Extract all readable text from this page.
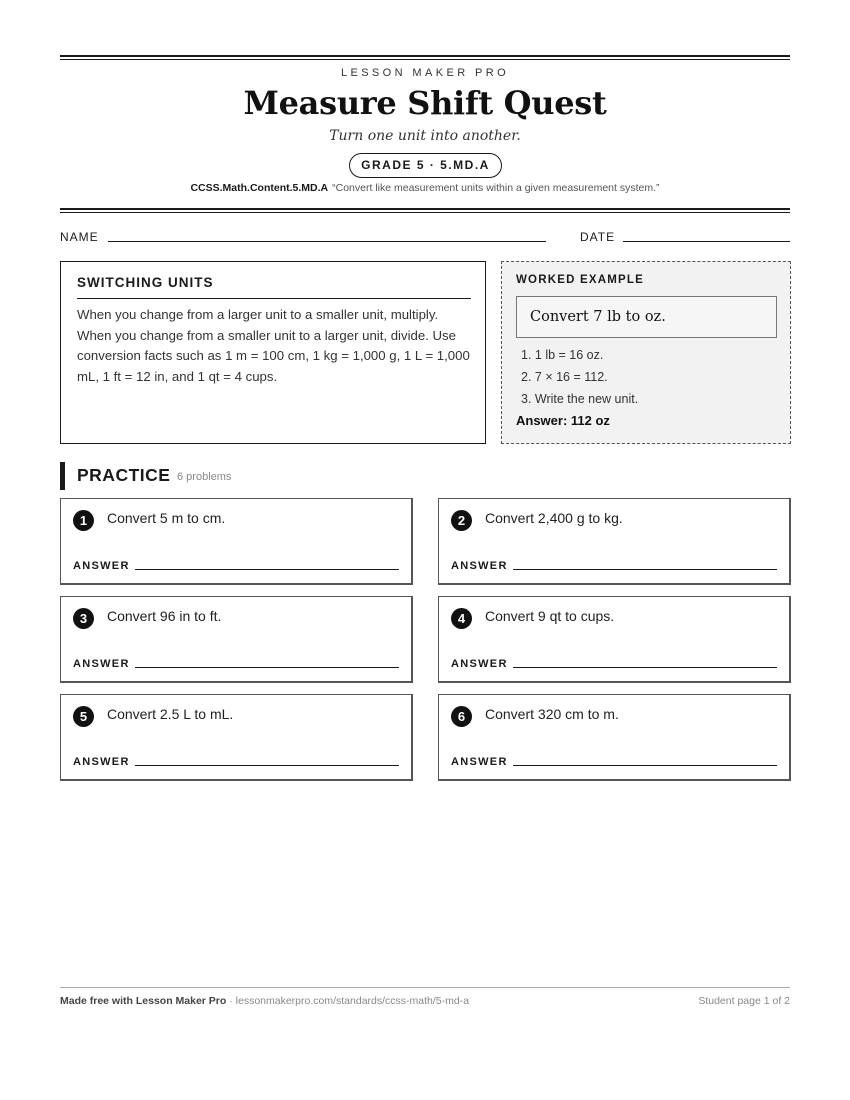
LESSON MAKER PRO
Measure Shift Quest
Turn one unit into another.
GRADE 5 · 5.MD.A
CCSS.Math.Content.5.MD.A “Convert like measurement units within a given measurement system.”
NAME	DATE
SWITCHING UNITS
When you change from a larger unit to a smaller unit, multiply. When you change from a smaller unit to a larger unit, divide. Use conversion facts such as 1 m = 100 cm, 1 kg = 1,000 g, 1 L = 1,000 mL, 1 ft = 12 in, and 1 qt = 4 cups.
WORKED EXAMPLE
Convert 7 lb to oz.
1. 1 lb = 16 oz.
2. 7 × 16 = 112.
3. Write the new unit.
Answer: 112 oz
PRACTICE 6 problems
1	Convert 5 m to cm.
ANSWER
2	Convert 2,400 g to kg.
ANSWER
3	Convert 96 in to ft.
ANSWER
4	Convert 9 qt to cups.
ANSWER
5	Convert 2.5 L to mL.
ANSWER
6	Convert 320 cm to m.
ANSWER
Made free with Lesson Maker Pro · lessonmakerpro.com/standards/ccss-math/5-md-a	Student page 1 of 2
